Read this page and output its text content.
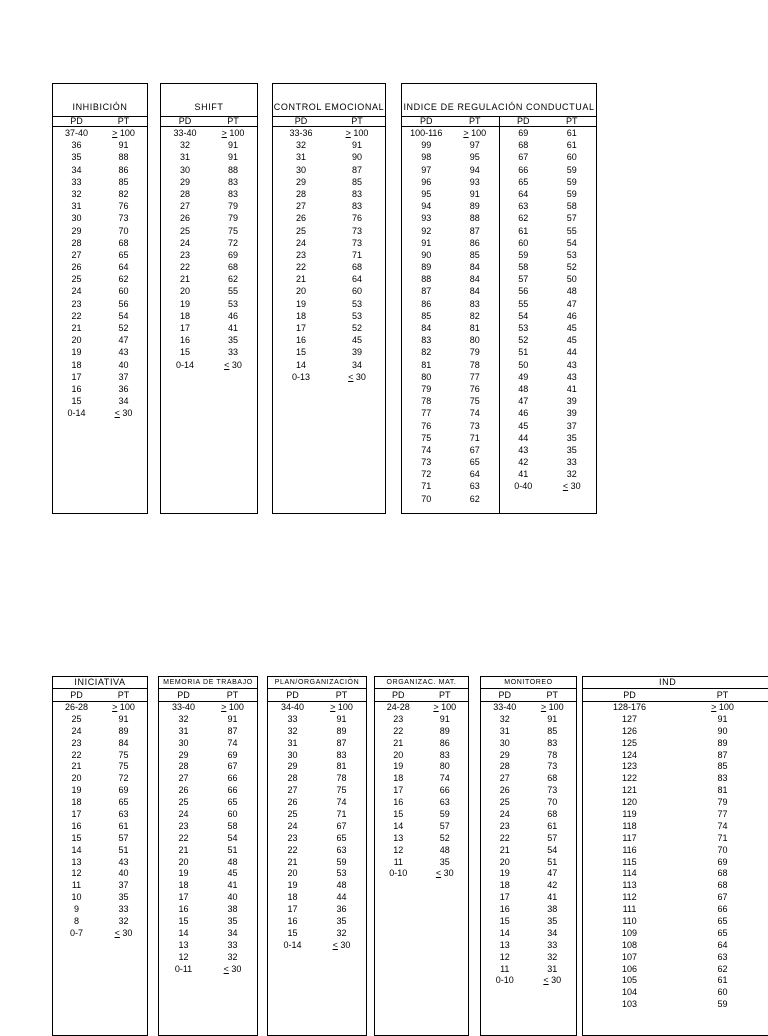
INHIBICIÓN
PD	PT
37-40	> 100
36	91
35	88
34	86
33	85
32	82
31	76
30	73
29	70
28	68
27	65
26	64
25	62
24	60
23	56
22	54
21	52
20	47
19	43
18	40
17	37
16	36
15	34
0-14	< 30
SHIFT
PD	PT
33-40	> 100
32	91
31	91
30	88
29	83
28	83
27	79
26	79
25	75
24	72
23	69
22	68
21	62
20	55
19	53
18	46
17	41
16	35
15	33
0-14	< 30
CONTROL EMOCIONAL
PD	PT
33-36	> 100
32	91
31	90
30	87
29	85
28	83
27	83
26	76
25	73
24	73
23	71
22	68
21	64
20	60
19	53
18	53
17	52
16	45
15	39
14	34
0-13	< 30
INDICE DE REGULACIÓN CONDUCTUAL
PD	PT	PD	PT
100-116	> 100	69	61
99	97	68	61
98	95	67	60
97	94	66	59
96	93	65	59
95	91	64	59
94	89	63	58
93	88	62	57
92	87	61	55
91	86	60	54
90	85	59	53
89	84	58	52
88	84	57	50
87	84	56	48
86	83	55	47
85	82	54	46
84	81	53	45
83	80	52	45
82	79	51	44
81	78	50	43
80	77	49	43
79	76	48	41
78	75	47	39
77	74	46	39
76	73	45	37
75	71	44	35
74	67	43	35
73	65	42	33
72	64	41	32
71	63	0-40	< 30
70	62
INICIATIVA
PD	PT
26-28	> 100
25	91
24	89
23	84
22	75
21	75
20	72
19	69
18	65
17	63
16	61
15	57
14	51
13	43
12	40
11	37
10	35
9	33
8	32
0-7	< 30
MEMORIA DE TRABAJO
PD	PT
33-40	> 100
32	91
31	87
30	74
29	69
28	67
27	66
26	66
25	65
24	60
23	58
22	54
21	51
20	48
19	45
18	41
17	40
16	38
15	35
14	34
13	33
12	32
0-11	< 30
PLAN/ORGANIZACIÓN
PD	PT
34-40	> 100
33	91
32	89
31	87
30	83
29	81
28	78
27	75
26	74
25	71
24	67
23	65
22	63
21	59
20	53
19	48
18	44
17	36
16	35
15	32
0-14	< 30
ORGANIZAC. MAT.
PD	PT
24-28	> 100
23	91
22	89
21	86
20	83
19	80
18	74
17	66
16	63
15	59
14	57
13	52
12	48
11	35
0-10	< 30
MONITOREO
PD	PT
33-40	> 100
32	91
31	85
30	83
29	78
28	73
27	68
26	73
25	70
24	68
23	61
22	57
21	54
20	51
19	47
18	42
17	41
16	38
15	35
14	34
13	33
12	32
11	31
0-10	< 30
IND
PD	PT
128-176	> 100
127	91
126	90
125	89
124	87
123	85
122	83
121	81
120	79
119	77
118	74
117	71
116	70
115	69
114	68
113	68
112	67
111	66
110	65
109	65
108	64
107	63
106	62
105	61
104	60
103	59
